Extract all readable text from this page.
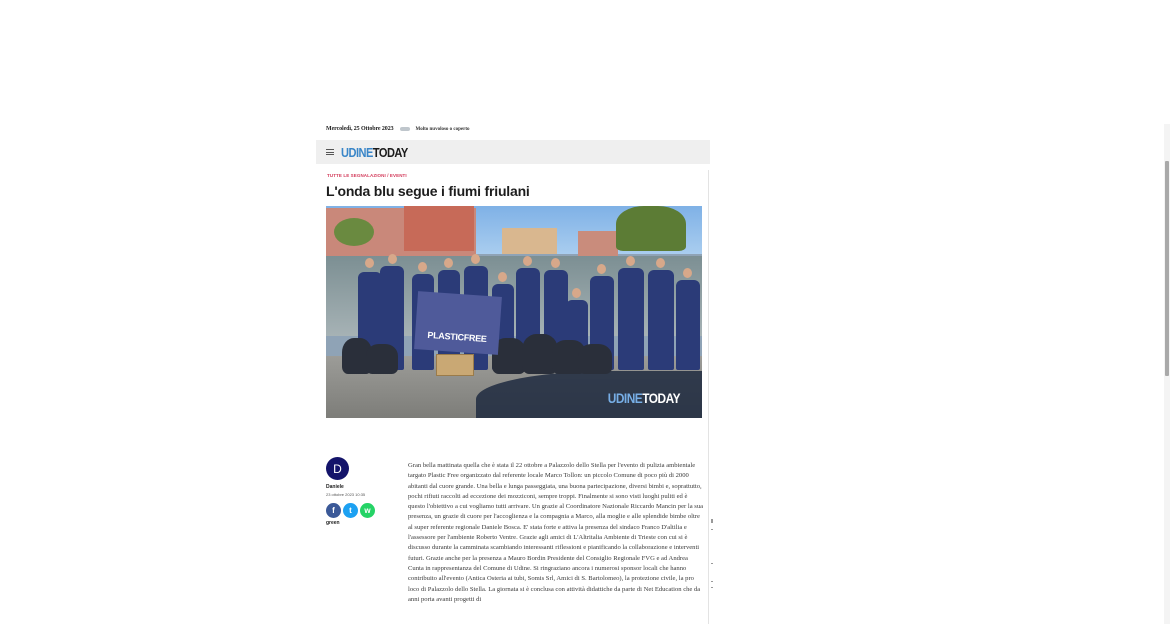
Mercoledì, 25 Ottobre 2023	Molto nuvoloso o coperto
UDINETODAY
TUTTE LE SEGNALAZIONI / EVENTI
L'onda blu segue i fiumi friulani
PLASTICFREE
UDINETODAY
D
Daniele
23 ottobre 2023 10:35
f t w
green

Gran bella mattinata quella che è stata il 22 ottobre a Palazzolo dello Stella per l'evento di pulizia ambientale targato Plastic Free organizzato dal referente locale Marco Tollon: un piccolo Comune di poco più di 2000 abitanti dal cuore grande. Una bella e lunga passeggiata, una buona partecipazione, diversi bimbi e, soprattutto, pochi rifiuti raccolti ad eccezione dei mozziconi, sempre troppi. Finalmente si sono visti luoghi puliti ed è questo l'obiettivo a cui vogliamo tutti arrivare. Un grazie al Coordinatore Nazionale Riccardo Mancin per la sua presenza, un grazie di cuore per l'accoglienza e la compagnia a Marco, alla moglie e alle splendide bimbe oltre al super referente regionale Daniele Bosca. E' stata forte e attiva la presenza del sindaco Franco D'altilia e l'assessore per l'ambiente Roberto Ventre. Grazie agli amici di L'Altritalia Ambiente di Trieste con cui si è discusso durante la camminata scambiando interessanti riflessioni e pianificando la collaborazione e interventi futuri. Grazie anche per la presenza a Mauro Bordin Presidente del Consiglio Regionale FVG e ad Andrea Cunta in rappresentanza del Comune di Udine. Si ringraziano ancora i numerosi sponsor locali che hanno contribuito all'evento (Antica Osteria ai tubi, Somis Srl, Amici di S. Bartolomeo), la protezione civile, la pro loco di Palazzolo dello Stella. La giornata si è conclusa con attività didattiche da parte di Net Education che da anni porta avanti progetti di
